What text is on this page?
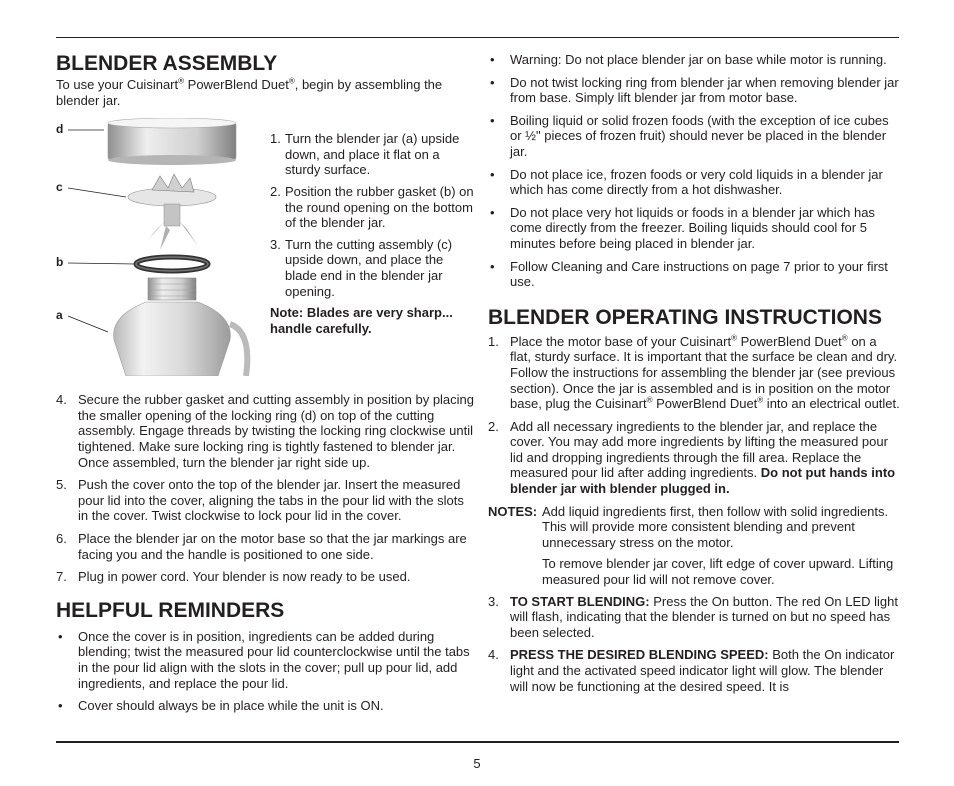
BLENDER ASSEMBLY

To use your Cuisinart® PowerBlend Duet®, begin by assembling the blender jar.

d
c
b
a
1. Turn the blender jar (a) upside down, and place it flat on a sturdy surface.
2. Position the rubber gasket (b) on the round opening on the bottom of the blender jar.
3. Turn the cutting assembly (c) upside down, and place the blade end in the blender jar opening.

Note: Blades are very sharp... handle carefully.

4. Secure the rubber gasket and cutting assembly in position by placing the smaller opening of the locking ring (d) on top of the cutting assembly. Engage threads by twisting the locking ring clockwise until tightened. Make sure locking ring is tightly fastened to blender jar. Once assembled, turn the blender jar right side up.
5. Push the cover onto the top of the blender jar. Insert the measured pour lid into the cover, aligning the tabs in the pour lid with the slots in the cover. Twist clockwise to lock pour lid in the cover.
6. Place the blender jar on the motor base so that the jar markings are facing you and the handle is positioned to one side.
7. Plug in power cord. Your blender is now ready to be used.
HELPFUL REMINDERS
• Once the cover is in position, ingredients can be added during blending; twist the measured pour lid counterclockwise until the tabs in the pour lid align with the slots in the cover; pull up pour lid, add ingredients, and replace the pour lid.
• Cover should always be in place while the unit is ON.
• Warning: Do not place blender jar on base while motor is running.
• Do not twist locking ring from blender jar when removing blender jar from base. Simply lift blender jar from motor base.
• Boiling liquid or solid frozen foods (with the exception of ice cubes or ½" pieces of frozen fruit) should never be placed in the blender jar.
• Do not place ice, frozen foods or very cold liquids in a blender jar which has come directly from a hot dishwasher.
• Do not place very hot liquids or foods in a blender jar which has come directly from the freezer. Boiling liquids should cool for 5 minutes before being placed in blender jar.
• Follow Cleaning and Care instructions on page 7 prior to your first use.
BLENDER OPERATING INSTRUCTIONS
1. Place the motor base of your Cuisinart® PowerBlend Duet® on a flat, sturdy surface. It is important that the surface be clean and dry. Follow the instructions for assembling the blender jar (see previous section). Once the jar is assembled and is in position on the motor base, plug the Cuisinart® PowerBlend Duet® into an electrical outlet.
2. Add all necessary ingredients to the blender jar, and replace the cover. You may add more ingredients by lifting the measured pour lid and dropping ingredients through the fill area. Replace the measured pour lid after adding ingredients. Do not put hands into blender jar with blender plugged in.
NOTES: Add liquid ingredients first, then follow with solid ingredients. This will provide more consistent blending and prevent unnecessary stress on the motor.

To remove blender jar cover, lift edge of cover upward. Lifting measured pour lid will not remove cover.

3. TO START BLENDING: Press the On button. The red On LED light will flash, indicating that the blender is turned on but no speed has been selected.
4. PRESS THE DESIRED BLENDING SPEED: Both the On indicator light and the activated speed indicator light will glow. The blender will now be functioning at the desired speed. It is
5
